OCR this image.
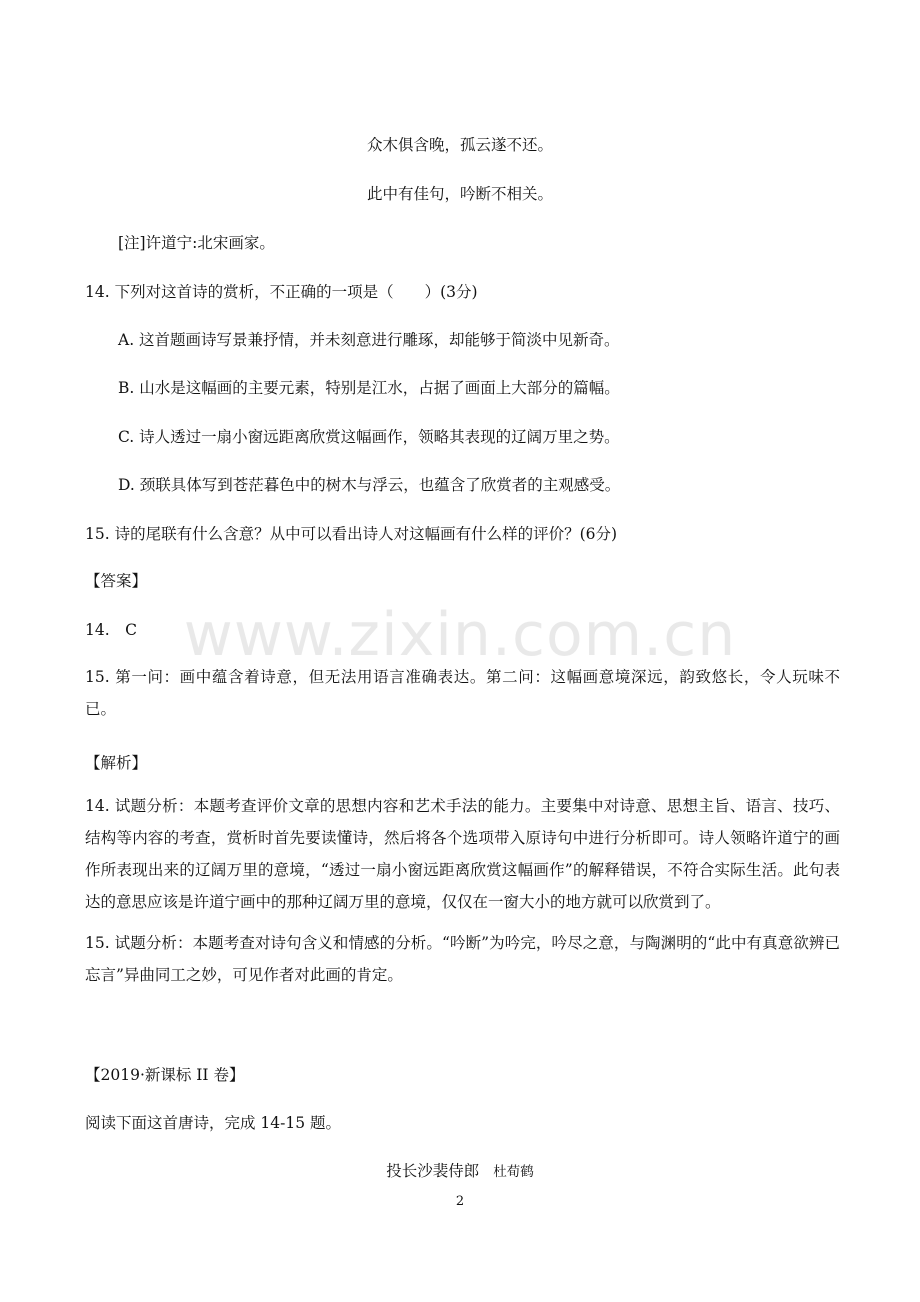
www.zixin.com.cn

众木俱含晚，孤云遂不还。

此中有佳句，吟断不相关。

[注]许道宁:北宋画家。

14. 下列对这首诗的赏析，不正确的一项是（　　）(3分)

A. 这首题画诗写景兼抒情，并未刻意进行雕琢，却能够于简淡中见新奇。

B. 山水是这幅画的主要元素，特别是江水，占据了画面上大部分的篇幅。

C. 诗人透过一扇小窗远距离欣赏这幅画作，领略其表现的辽阔万里之势。

D. 颈联具体写到苍茫暮色中的树木与浮云，也蕴含了欣赏者的主观感受。

15. 诗的尾联有什么含意？从中可以看出诗人对这幅画有什么样的评价？(6分)

【答案】

14.　C

15. 第一问：画中蕴含着诗意，但无法用语言准确表达。第二问：这幅画意境深远，韵致悠长，令人玩味不已。

【解析】

14. 试题分析：本题考查评价文章的思想内容和艺术手法的能力。主要集中对诗意、思想主旨、语言、技巧、结构等内容的考查，赏析时首先要读懂诗，然后将各个选项带入原诗句中进行分析即可。诗人领略许道宁的画作所表现出来的辽阔万里的意境，“透过一扇小窗远距离欣赏这幅画作”的解释错误，不符合实际生活。此句表达的意思应该是许道宁画中的那种辽阔万里的意境，仅仅在一窗大小的地方就可以欣赏到了。

15. 试题分析：本题考查对诗句含义和情感的分析。“吟断”为吟完，吟尽之意，与陶渊明的“此中有真意欲辨已忘言”异曲同工之妙，可见作者对此画的肯定。

【2019·新课标 II 卷】

阅读下面这首唐诗，完成 14-15 题。

投长沙裴侍郎 杜荀鹤

2
